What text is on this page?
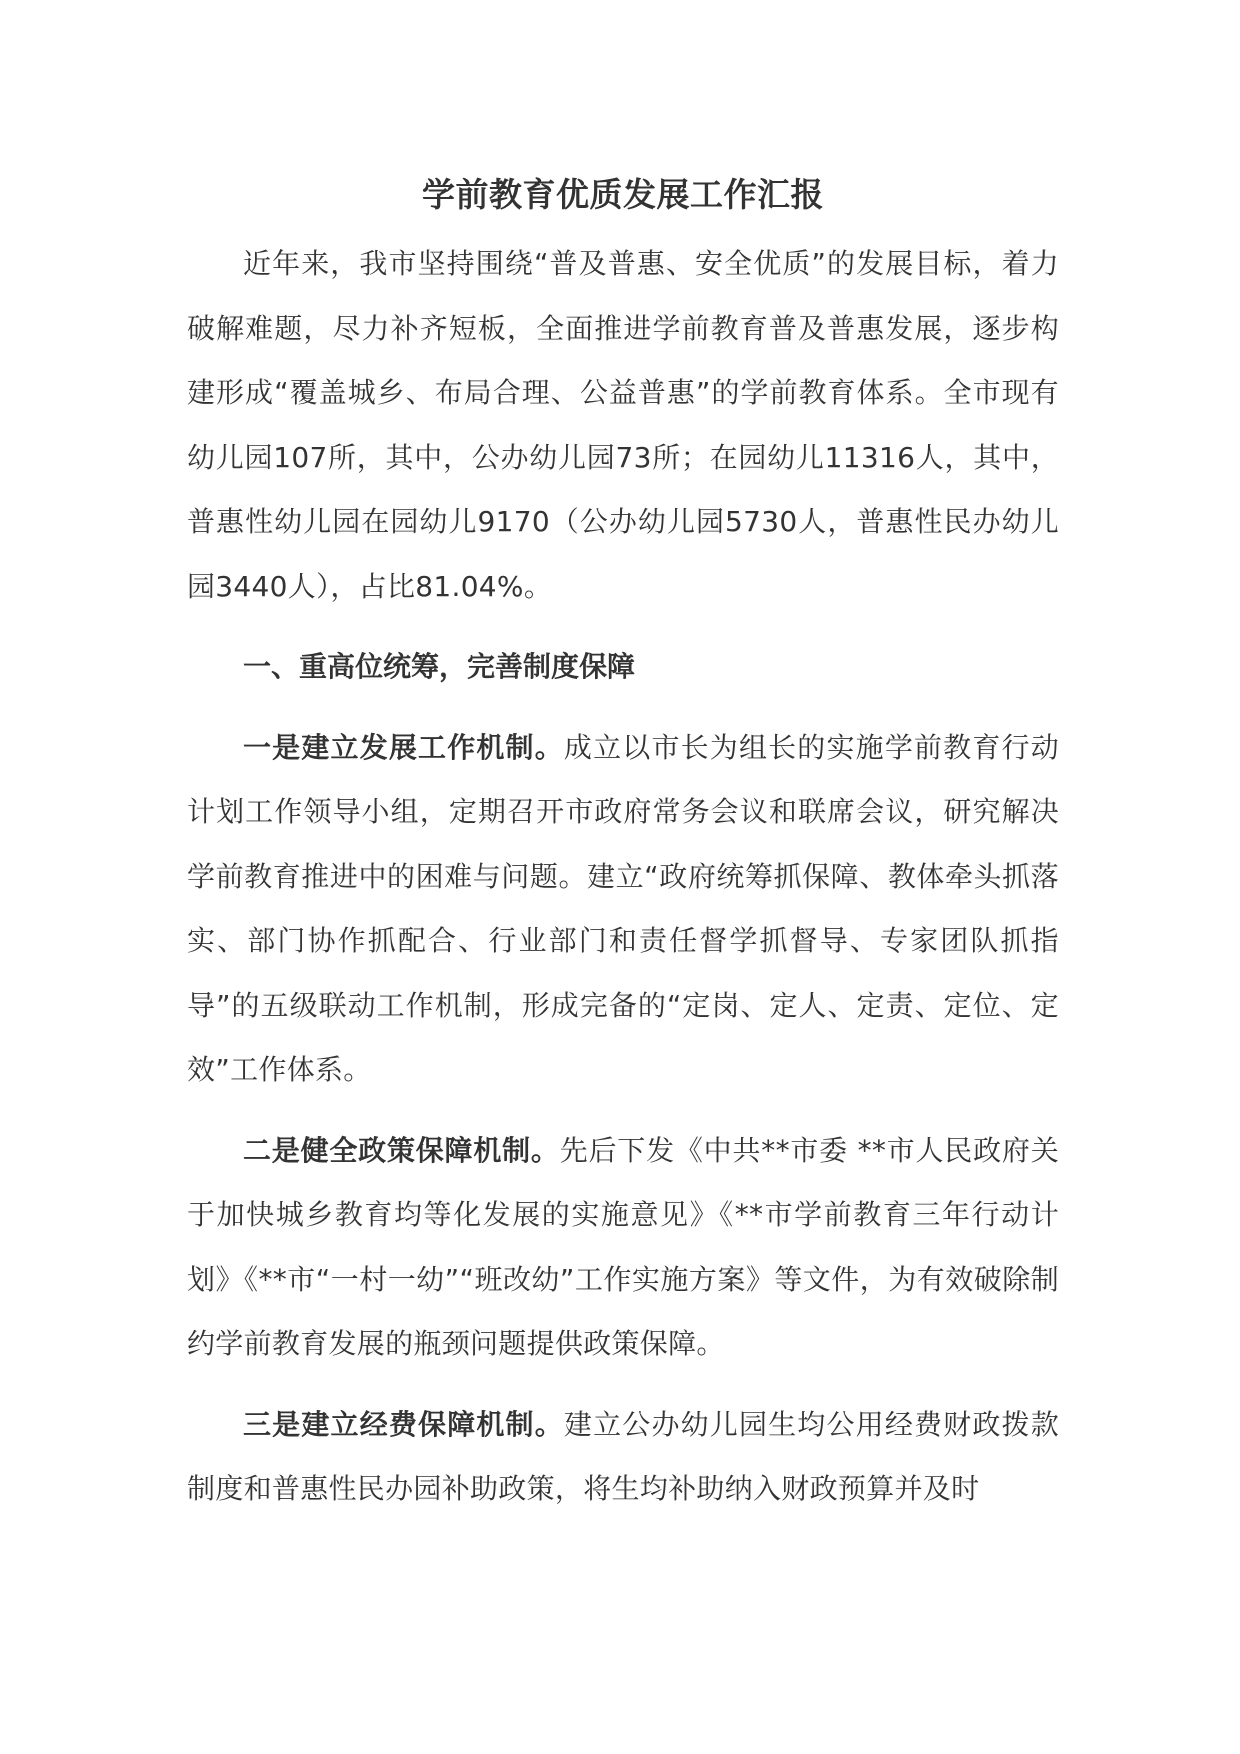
学前教育优质发展工作汇报

近年来，我市坚持围绕“普及普惠、安全优质”的发展目标，着力破解难题，尽力补齐短板，全面推进学前教育普及普惠发展，逐步构建形成“覆盖城乡、布局合理、公益普惠”的学前教育体系。全市现有幼儿园107所，其中，公办幼儿园73所；在园幼儿11316人，其中，普惠性幼儿园在园幼儿9170（公办幼儿园5730人，普惠性民办幼儿园3440人），占比81.04%。

一、重高位统筹，完善制度保障

一是建立发展工作机制。成立以市长为组长的实施学前教育行动计划工作领导小组，定期召开市政府常务会议和联席会议，研究解决学前教育推进中的困难与问题。建立“政府统筹抓保障、教体牵头抓落实、部门协作抓配合、行业部门和责任督学抓督导、专家团队抓指导”的五级联动工作机制，形成完备的“定岗、定人、定责、定位、定效”工作体系。

二是健全政策保障机制。先后下发《中共**市委 **市人民政府关于加快城乡教育均等化发展的实施意见》《**市学前教育三年行动计划》《**市“一村一幼”“班改幼”工作实施方案》等文件，为有效破除制约学前教育发展的瓶颈问题提供政策保障。

三是建立经费保障机制。建立公办幼儿园生均公用经费财政拨款制度和普惠性民办园补助政策，将生均补助纳入财政预算并及时
